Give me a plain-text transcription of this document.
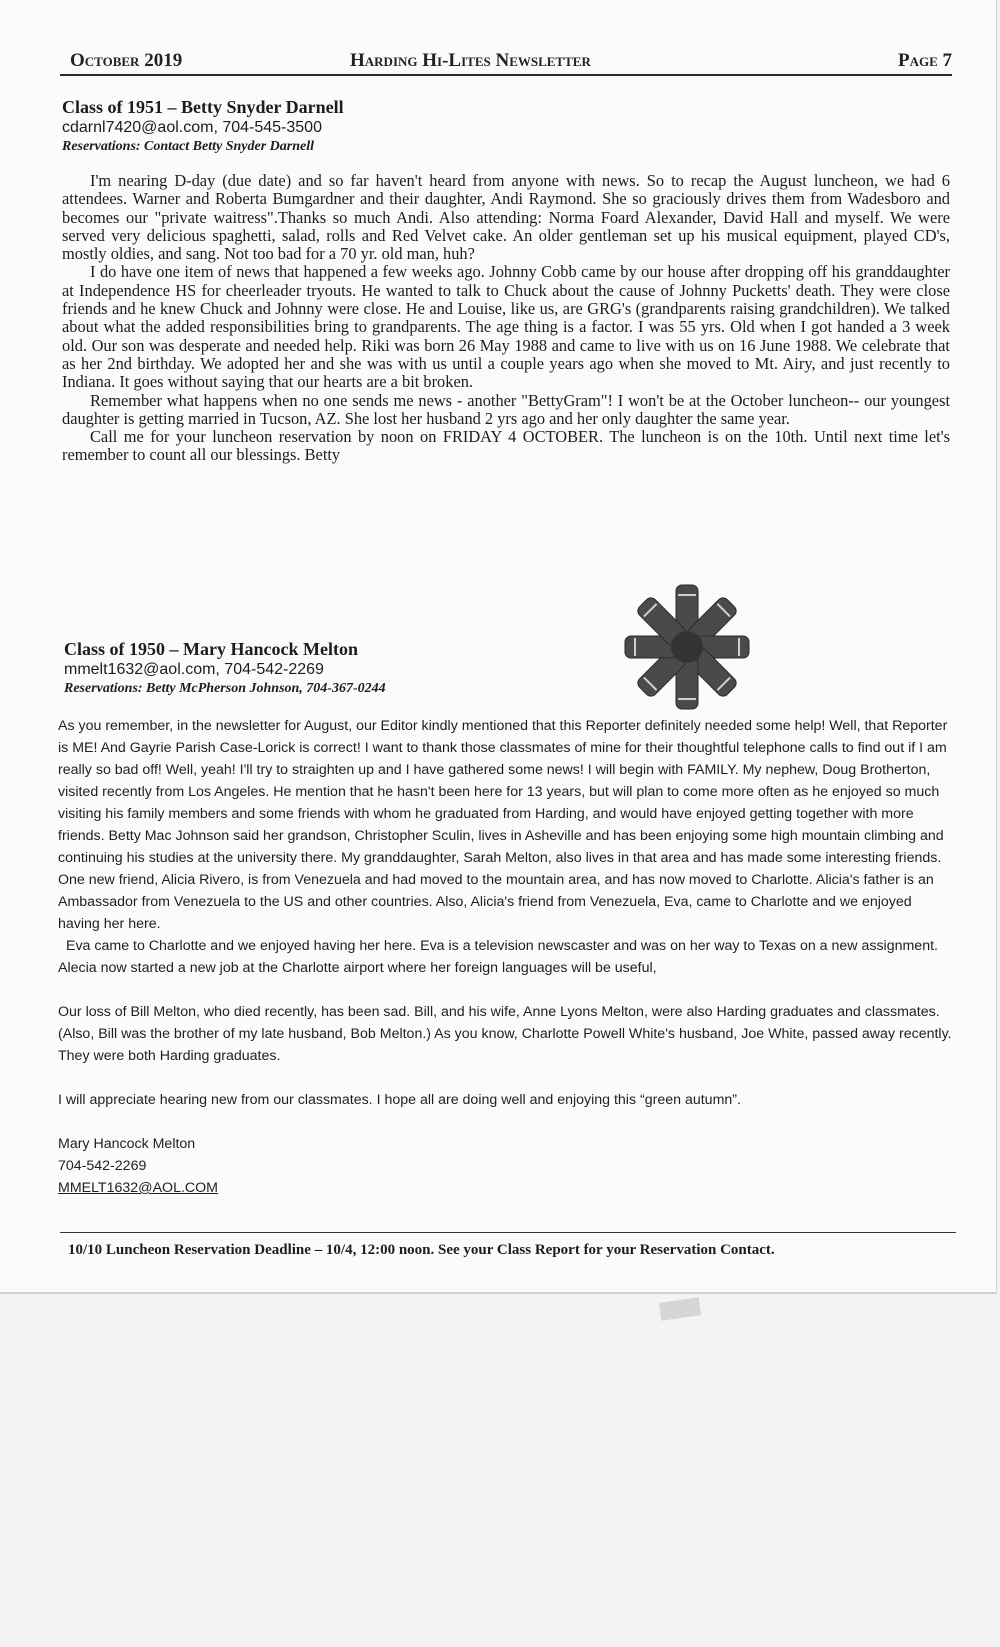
October 2019	Harding Hi-Lites Newsletter	Page 7
Class of 1951 – Betty Snyder Darnell
cdarnl7420@aol.com, 704-545-3500
Reservations: Contact Betty Snyder Darnell

I'm nearing D-day (due date) and so far haven't heard from anyone with news. So to recap the August luncheon, we had 6 attendees. Warner and Roberta Bumgardner and their daughter, Andi Raymond. She so graciously drives them from Wadesboro and becomes our "private waitress".Thanks so much Andi. Also attending: Norma Foard Alexander, David Hall and myself. We were served very delicious spaghetti, salad, rolls and Red Velvet cake. An older gentleman set up his musical equipment, played CD's, mostly oldies, and sang. Not too bad for a 70 yr. old man, huh?

I do have one item of news that happened a few weeks ago. Johnny Cobb came by our house after dropping off his granddaughter at Independence HS for cheerleader tryouts. He wanted to talk to Chuck about the cause of Johnny Pucketts' death. They were close friends and he knew Chuck and Johnny were close. He and Louise, like us, are GRG's (grandparents raising grandchildren). We talked about what the added responsibilities bring to grandparents. The age thing is a factor. I was 55 yrs. Old when I got handed a 3 week old. Our son was desperate and needed help. Riki was born 26 May 1988 and came to live with us on 16 June 1988. We celebrate that as her 2nd birthday. We adopted her and she was with us until a couple years ago when she moved to Mt. Airy, and just recently to Indiana. It goes without saying that our hearts are a bit broken.

Remember what happens when no one sends me news - another "BettyGram"! I won't be at the October luncheon-- our youngest daughter is getting married in Tucson, AZ. She lost her husband 2 yrs ago and her only daughter the same year.

Call me for your luncheon reservation by noon on FRIDAY 4 OCTOBER. The luncheon is on the 10th. Until next time let's remember to count all our blessings. Betty

Class of 1950 – Mary Hancock Melton
mmelt1632@aol.com, 704-542-2269
Reservations: Betty McPherson Johnson, 704-367-0244

As you remember, in the newsletter for August, our Editor kindly mentioned that this Reporter definitely needed some help! Well, that Reporter is ME! And Gayrie Parish Case-Lorick is correct! I want to thank those classmates of mine for their thoughtful telephone calls to find out if I am really so bad off! Well, yeah! I'll try to straighten up and I have gathered some news! I will begin with FAMILY. My nephew, Doug Brotherton, visited recently from Los Angeles. He mention that he hasn't been here for 13 years, but will plan to come more often as he enjoyed so much visiting his family members and some friends with whom he graduated from Harding, and would have enjoyed getting together with more friends. Betty Mac Johnson said her grandson, Christopher Sculin, lives in Asheville and has been enjoying some high mountain climbing and continuing his studies at the university there. My granddaughter, Sarah Melton, also lives in that area and has made some interesting friends. One new friend, Alicia Rivero, is from Venezuela and had moved to the mountain area, and has now moved to Charlotte. Alicia's father is an Ambassador from Venezuela to the US and other countries. Also, Alicia's friend from Venezuela, Eva, came to Charlotte and we enjoyed having her here.

Eva came to Charlotte and we enjoyed having her here. Eva is a television newscaster and was on her way to Texas on a new assignment. Alecia now started a new job at the Charlotte airport where her foreign languages will be useful,

Our loss of Bill Melton, who died recently, has been sad. Bill, and his wife, Anne Lyons Melton, were also Harding graduates and classmates. (Also, Bill was the brother of my late husband, Bob Melton.) As you know, Charlotte Powell White's husband, Joe White, passed away recently. They were both Harding graduates.

I will appreciate hearing new from our classmates. I hope all are doing well and enjoying this “green autumn”.

Mary Hancock Melton
704-542-2269
MMELT1632@AOL.COM
10/10 Luncheon Reservation Deadline – 10/4, 12:00 noon. See your Class Report for your Reservation Contact.
